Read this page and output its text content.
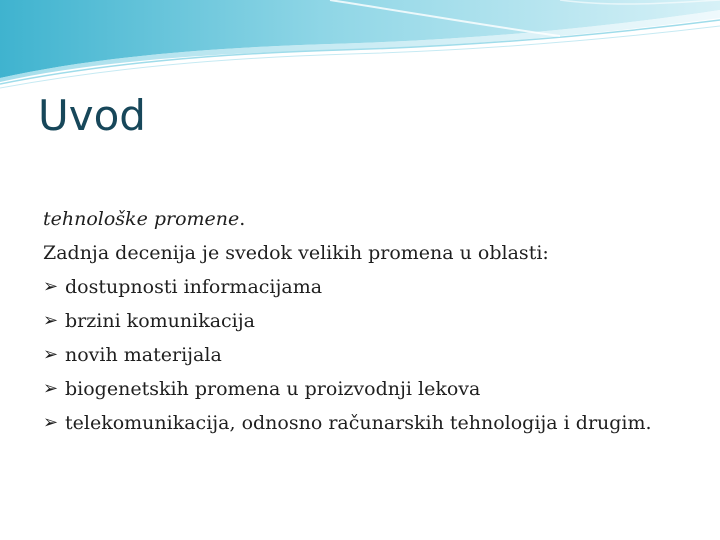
Uvod

tehnološke promene.

Zadnja decenija je svedok velikih promena u oblasti:

➢ dostupnosti informacijama
➢ brzini komunikacija
➢ novih materijala
➢ biogenetskih promena u proizvodnji lekova
➢ telekomunikacija, odnosno računarskih tehnologija i drugim.
